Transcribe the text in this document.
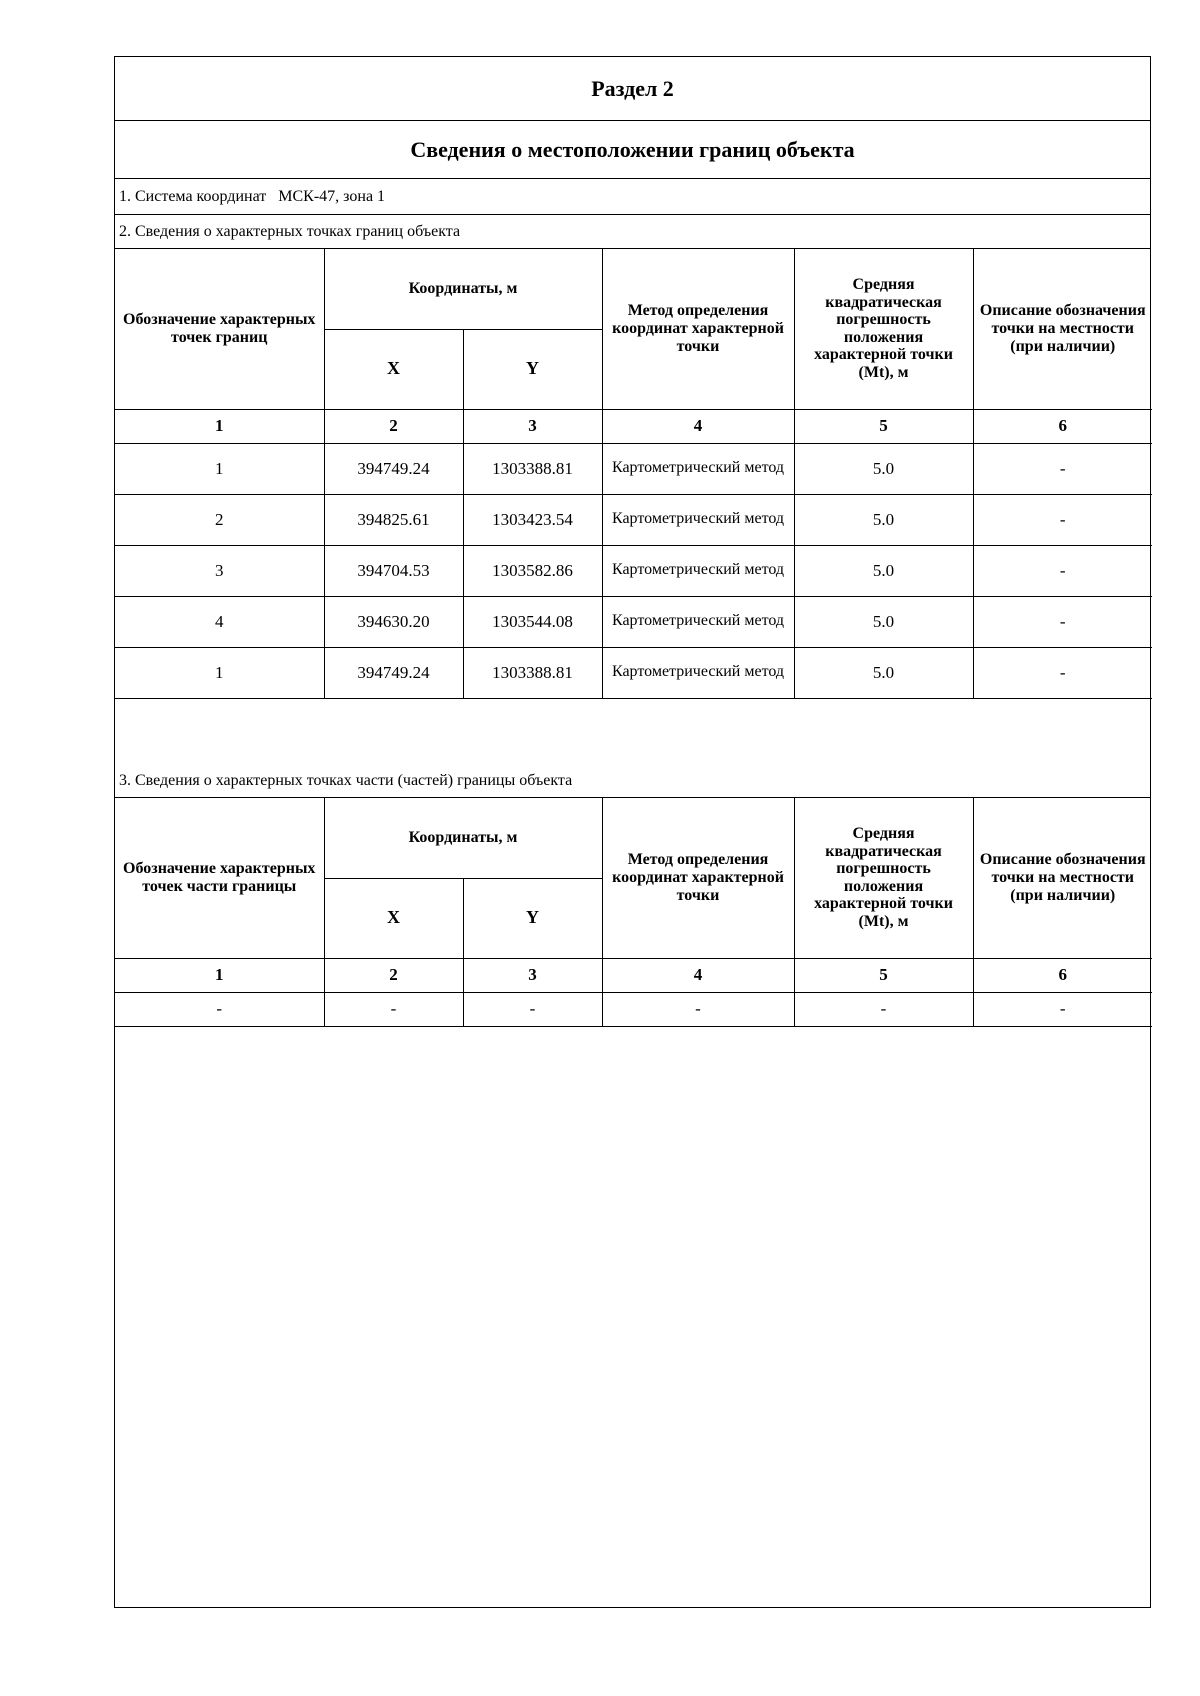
Раздел 2
Сведения о местоположении границ объекта
1. Система координат МСК-47, зона 1
2. Сведения о характерных точках границ объекта
Обозначение характерных точек границ	Координаты, м		Метод определения координат характерной точки	Средняя квадратическая погрешность положения характерной точки (Mt), м	Описание обозначения точки на местности (при наличии)
	X	Y			
1	2	3	4	5	6
1	394749.24	1303388.81	Картометрический метод	5.0	-
2	394825.61	1303423.54	Картометрический метод	5.0	-
3	394704.53	1303582.86	Картометрический метод	5.0	-
4	394630.20	1303544.08	Картометрический метод	5.0	-
1	394749.24	1303388.81	Картометрический метод	5.0	-
3. Сведения о характерных точках части (частей) границы объекта
Обозначение характерных точек части границы	Координаты, м		Метод определения координат характерной точки	Средняя квадратическая погрешность положения характерной точки (Mt), м	Описание обозначения точки на местности (при наличии)
	X	Y			
1	2	3	4	5	6
-	-	-	-	-	-
